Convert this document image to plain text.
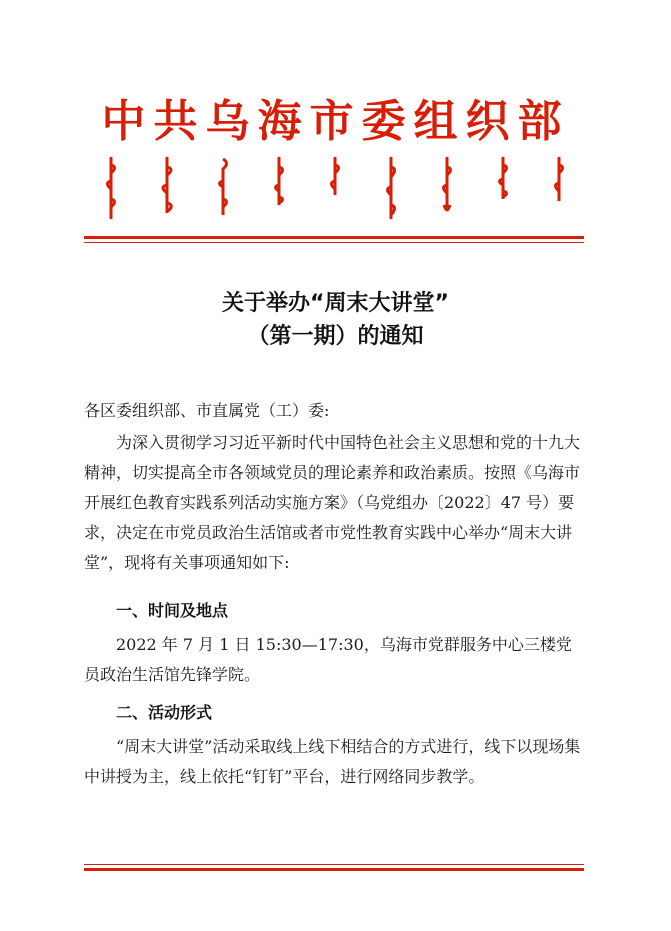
中共乌海市委组织部
关于举办“周末大讲堂”
（第一期）的通知

各区委组织部、市直属党（工）委:

为深入贯彻学习习近平新时代中国特色社会主义思想和党的十九大精神，切实提高全市各领域党员的理论素养和政治素质。按照《乌海市开展红色教育实践系列活动实施方案》（乌党组办〔2022〕47 号）要求，决定在市党员政治生活馆或者市党性教育实践中心举办“周末大讲堂”，现将有关事项通知如下:

一、时间及地点

2022 年 7 月 1 日 15:30—17:30，乌海市党群服务中心三楼党员政治生活馆先锋学院。

二、活动形式

“周末大讲堂”活动采取线上线下相结合的方式进行，线下以现场集中讲授为主，线上依托“钉钉”平台，进行网络同步教学。
